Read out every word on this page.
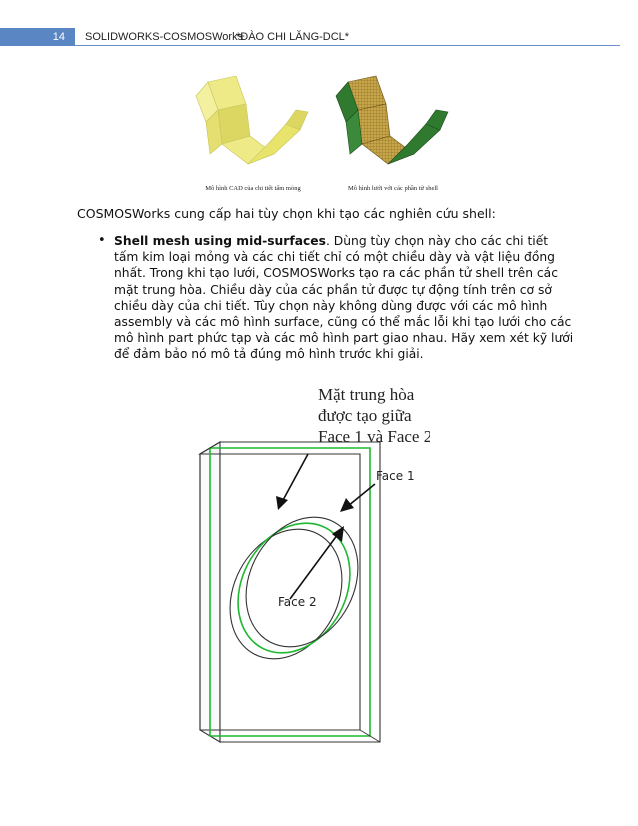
14	SOLIDWORKS-COSMOSWorks
*ĐÀO CHI LĂNG-DCL*
Mô hình CAD của chi tiết tấm mỏng	Mô hình lưới với các phần tử shell
COSMOSWorks cung cấp hai tùy chọn khi tạo các nghiên cứu shell:
• Shell mesh using mid-surfaces. Dùng tùy chọn này cho các chi tiết tấm kim loại mỏng và các chi tiết chỉ có một chiều dày và vật liệu đồng nhất. Trong khi tạo lưới, COSMOSWorks tạo ra các phần tử shell trên các mặt trung hòa. Chiều dày của các phần tử được tự động tính trên cơ sở chiều dày của chi tiết. Tùy chọn này không dùng được với các mô hình assembly và các mô hình surface, cũng có thể mắc lỗi khi tạo lưới cho các mô hình part phức tạp và các mô hình part giao nhau. Hãy xem xét kỹ lưới để đảm bảo nó mô tả đúng mô hình trước khi giải.
Mặt trung hòa
được tạo giữa
Face 1 và Face 2
Face 1
Face 2
